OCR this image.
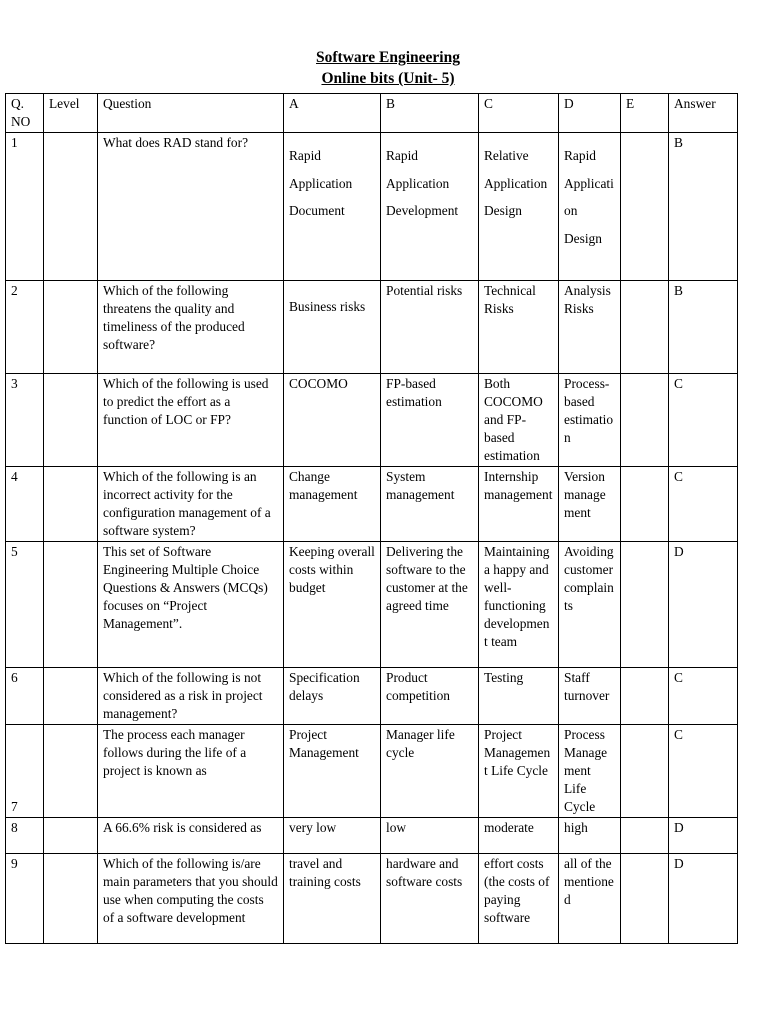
Software Engineering
Online bits (Unit- 5)
Q. NO	Level	Question	A	B	C	D	E	Answer
1		What does RAD stand for?	Rapid Application Document	Rapid Application Development	Relative Application Design	Rapid Application Design		B
2		Which of the following threatens the quality and timeliness of the produced software?	Business risks	Potential risks	Technical Risks	Analysis Risks		B
3		Which of the following is used to predict the effort as a function of LOC or FP?	COCOMO	FP-based estimation	Both COCOMO and FP-based estimation	Process-based estimation		C
4		Which of the following is an incorrect activity for the configuration management of a software system?	Change management	System management	Internship management	Version management		C
5		This set of Software Engineering Multiple Choice Questions & Answers (MCQs) focuses on “Project Management”.	Keeping overall costs within budget	Delivering the software to the customer at the agreed time	Maintaining a happy and well-functioning development team	Avoiding customer complaints		D
6		Which of the following is not considered as a risk in project management?	Specification delays	Product competition	Testing	Staff turnover		C
7		The process each manager follows during the life of a project is known as	Project Management	Manager life cycle	Project Management Life Cycle	Process Management Life Cycle		C
8		A 66.6% risk is considered as	very low	low	moderate	high		D
9		Which of the following is/are main parameters that you should use when computing the costs of a software development	travel and training costs	hardware and software costs	effort costs (the costs of paying software	all of the mentioned		D
